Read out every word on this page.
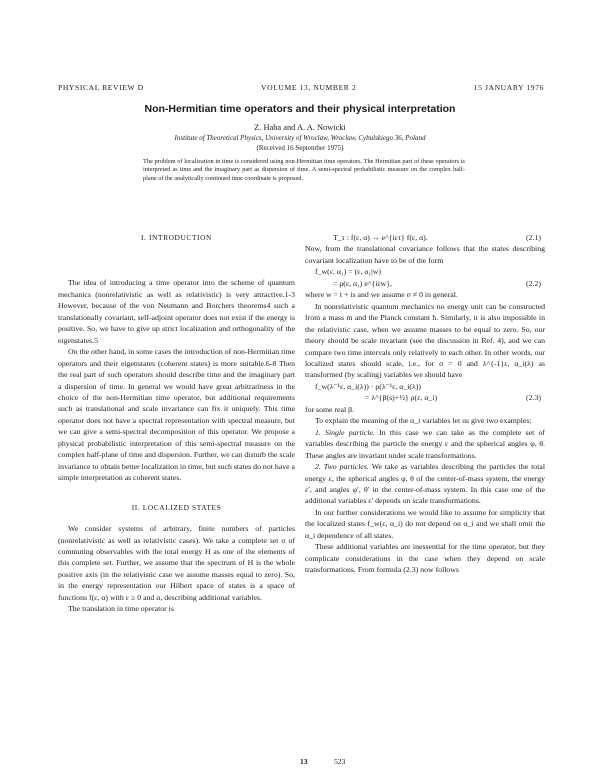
PHYSICAL REVIEW D	VOLUME 13, NUMBER 2	15 JANUARY 1976
Non-Hermitian time operators and their physical interpretation
Z. Haba and A. A. Nowicki
Institute of Theoretical Physics, University of Wroclaw, Wroclaw, Cybulskiego 36, Poland
(Received 16 September 1975)
The problem of localization in time is considered using non-Hermitian time operators. The Hermitian part of these operators is interpreted as time and the imaginary part as dispersion of time. A semi-spectral probabilistic measure on the complex half-plane of the analytically continued time coordinate is proposed.

I. INTRODUCTION

The idea of introducing a time operator into the scheme of quantum mechanics (nonrelativistic as well as relativistic) is very attractive.1-3 However, because of the von Neumann and Borchers theorems4 such a translationally covariant, self-adjoint operator does not exist if the energy is positive. So, we have to give up strict localization and orthogonality of the eigenstates.5

On the other hand, in some cases the introduction of non-Hermitian time operators and their eigenstates (coherent states) is more suitable.6-8 Then the real part of such operators should describe time and the imaginary part a dispersion of time. In general we would have great arbitrariness in the choice of the non-Hermitian time operator, but additional requirements such as translational and scale invariance can fix it uniquely. This time operator does not have a spectral representation with spectral measure, but we can give a semi-spectral decomposition of this operator. We propose a physical probabilistic interpretation of this semi-spectral measure on the complex half-plane of time and dispersion. Further, we can disturb the scale invariance to obtain better localization in time, but such states do not have a simple interpretation as coherent states.

II. LOCALIZED STATES

We consider systems of arbitrary, finite numbers of particles (nonrelativistic as well as relativistic cases). We take a complete set σ of commuting observables with the total energy H as one of the elements of this complete set. Further, we assume that the spectrum of H is the whole positive axis (in the relativistic case we assume masses equal to zero). So, in the energy representation our Hilbert space of states is a space of functions f(ε, α) with ε ≥ 0 and α, describing additional variables.

The translation in time operator is

T_τ : f(ε, α) → e^{iετ} f(ε, α).	(2.1)

Now, from the translational covariance follows that the states describing covariant localization have to be of the form

f_w(ε, α₁) = (ε, α₁|w)
= ρ(ε, α₁) e^{iεw},	(2.2)

where w = t + is and we assume σ ≠ 0 in general.

In nonrelativistic quantum mechanics no energy unit can be constructed from a mass m and the Planck constant ħ. Similarly, it is also impossible in the relativistic case, when we assume masses to be equal to zero. So, our theory should be scale invariant (see the discussion in Ref. 4), and we can compare two time intervals only relatively to each other. In other words, our localized states should scale, i.e., for σ = 0 and λ^{-1}ε, α_i(λ) as transformed (by scaling) variables we should have

f_w(λ⁻¹ε, α_i(λ)) · ρ(λ⁻¹ε, α_i(λ))
= λ^{β(s)+½} ρ(ε, α_i)	(2.3)

for some real β.

To explain the meaning of the α_i variables let us give two examples:

1. Single particle. In this case we can take as the complete set of variables describing the particle the energy ε and the spherical angles φ, θ. These angles are invariant under scale transformations.

2. Two particles. We take as variables describing the particles the total energy ε, the spherical angles φ, θ of the center-of-mass system, the energy ε′, and angles φ′, θ′ in the center-of-mass system. In this case one of the additional variables ε′ depends on scale transformations.

In our further considerations we would like to assume for simplicity that the localized states f_w(ε, α_i) do not depend on α_i and we shall omit the α_i dependence of all states.

These additional variables are inessential for the time operator, but they complicate considerations in the case when they depend on scale transformations. From formula (2.3) now follows

13	523
